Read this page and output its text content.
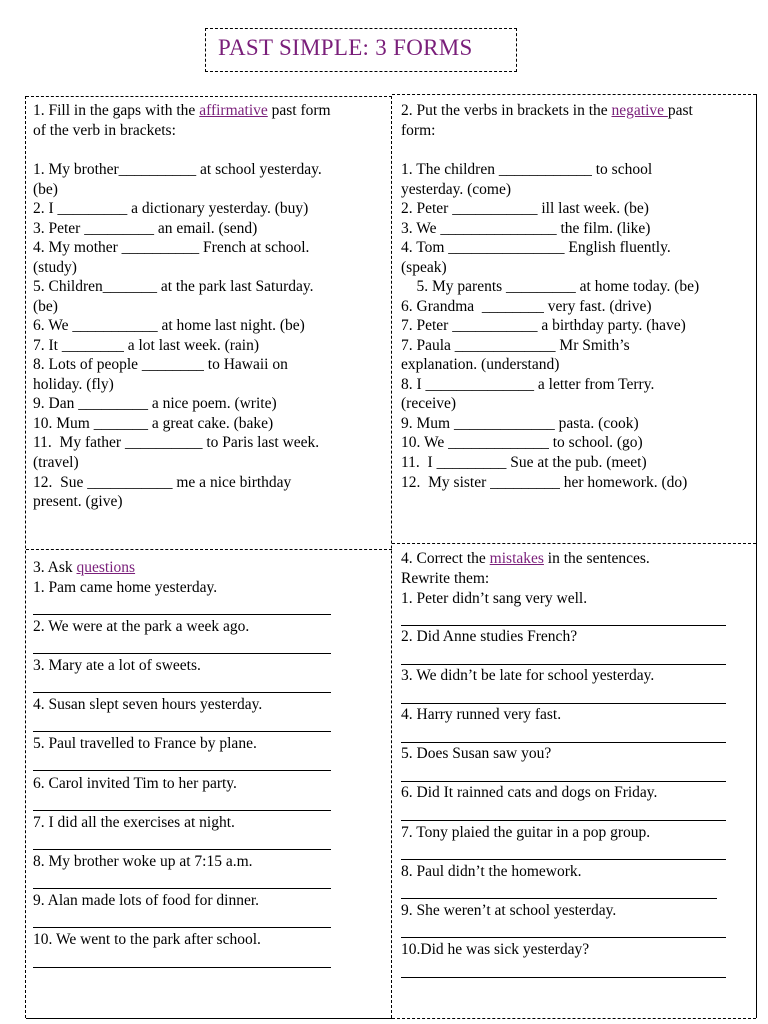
PAST SIMPLE: 3 FORMS
1. Fill in the gaps with the affirmative past form
of the verb in brackets:
1. My brother__________ at school yesterday.
(be)
2. I _________ a dictionary yesterday. (buy)
3. Peter _________ an email. (send)
4. My mother __________ French at school.
(study)
5. Children_______ at the park last Saturday.
(be)
6. We ___________ at home last night. (be)
7. It ________ a lot last week. (rain)
8. Lots of people ________ to Hawaii on
holiday. (fly)
9. Dan _________ a nice poem. (write)
10. Mum _______ a great cake. (bake)
11.  My father __________ to Paris last week.
(travel)
12.  Sue ___________ me a nice birthday
present. (give)
2. Put the verbs in brackets in the negative past
form:
1. The children ____________ to school
yesterday. (come)
2. Peter ___________ ill last week. (be)
3. We _______________ the film. (like)
4. Tom _______________ English fluently.
(speak)
5. My parents _________ at home today. (be)
6. Grandma  ________ very fast. (drive)
7. Peter ___________ a birthday party. (have)
7. Paula _____________ Mr Smith’s
explanation. (understand)
8. I ______________ a letter from Terry.
(receive)
9. Mum _____________ pasta. (cook)
10. We _____________ to school. (go)
11.  I _________ Sue at the pub. (meet)
12.  My sister _________ her homework. (do)
3. Ask questions
1. Pam came home yesterday.
2. We were at the park a week ago.
3. Mary ate a lot of sweets.
4. Susan slept seven hours yesterday.
5. Paul travelled to France by plane.
6. Carol invited Tim to her party.
7. I did all the exercises at night.
8. My brother woke up at 7:15 a.m.
9. Alan made lots of food for dinner.
10. We went to the park after school.
4. Correct the mistakes in the sentences.
Rewrite them:
1. Peter didn’t sang very well.
2. Did Anne studies French?
3. We didn’t be late for school yesterday.
4. Harry runned very fast.
5. Does Susan saw you?
6. Did It rainned cats and dogs on Friday.
7. Tony plaied the guitar in a pop group.
8. Paul didn’t the homework.
9. She weren’t at school yesterday.
10.Did he was sick yesterday?
